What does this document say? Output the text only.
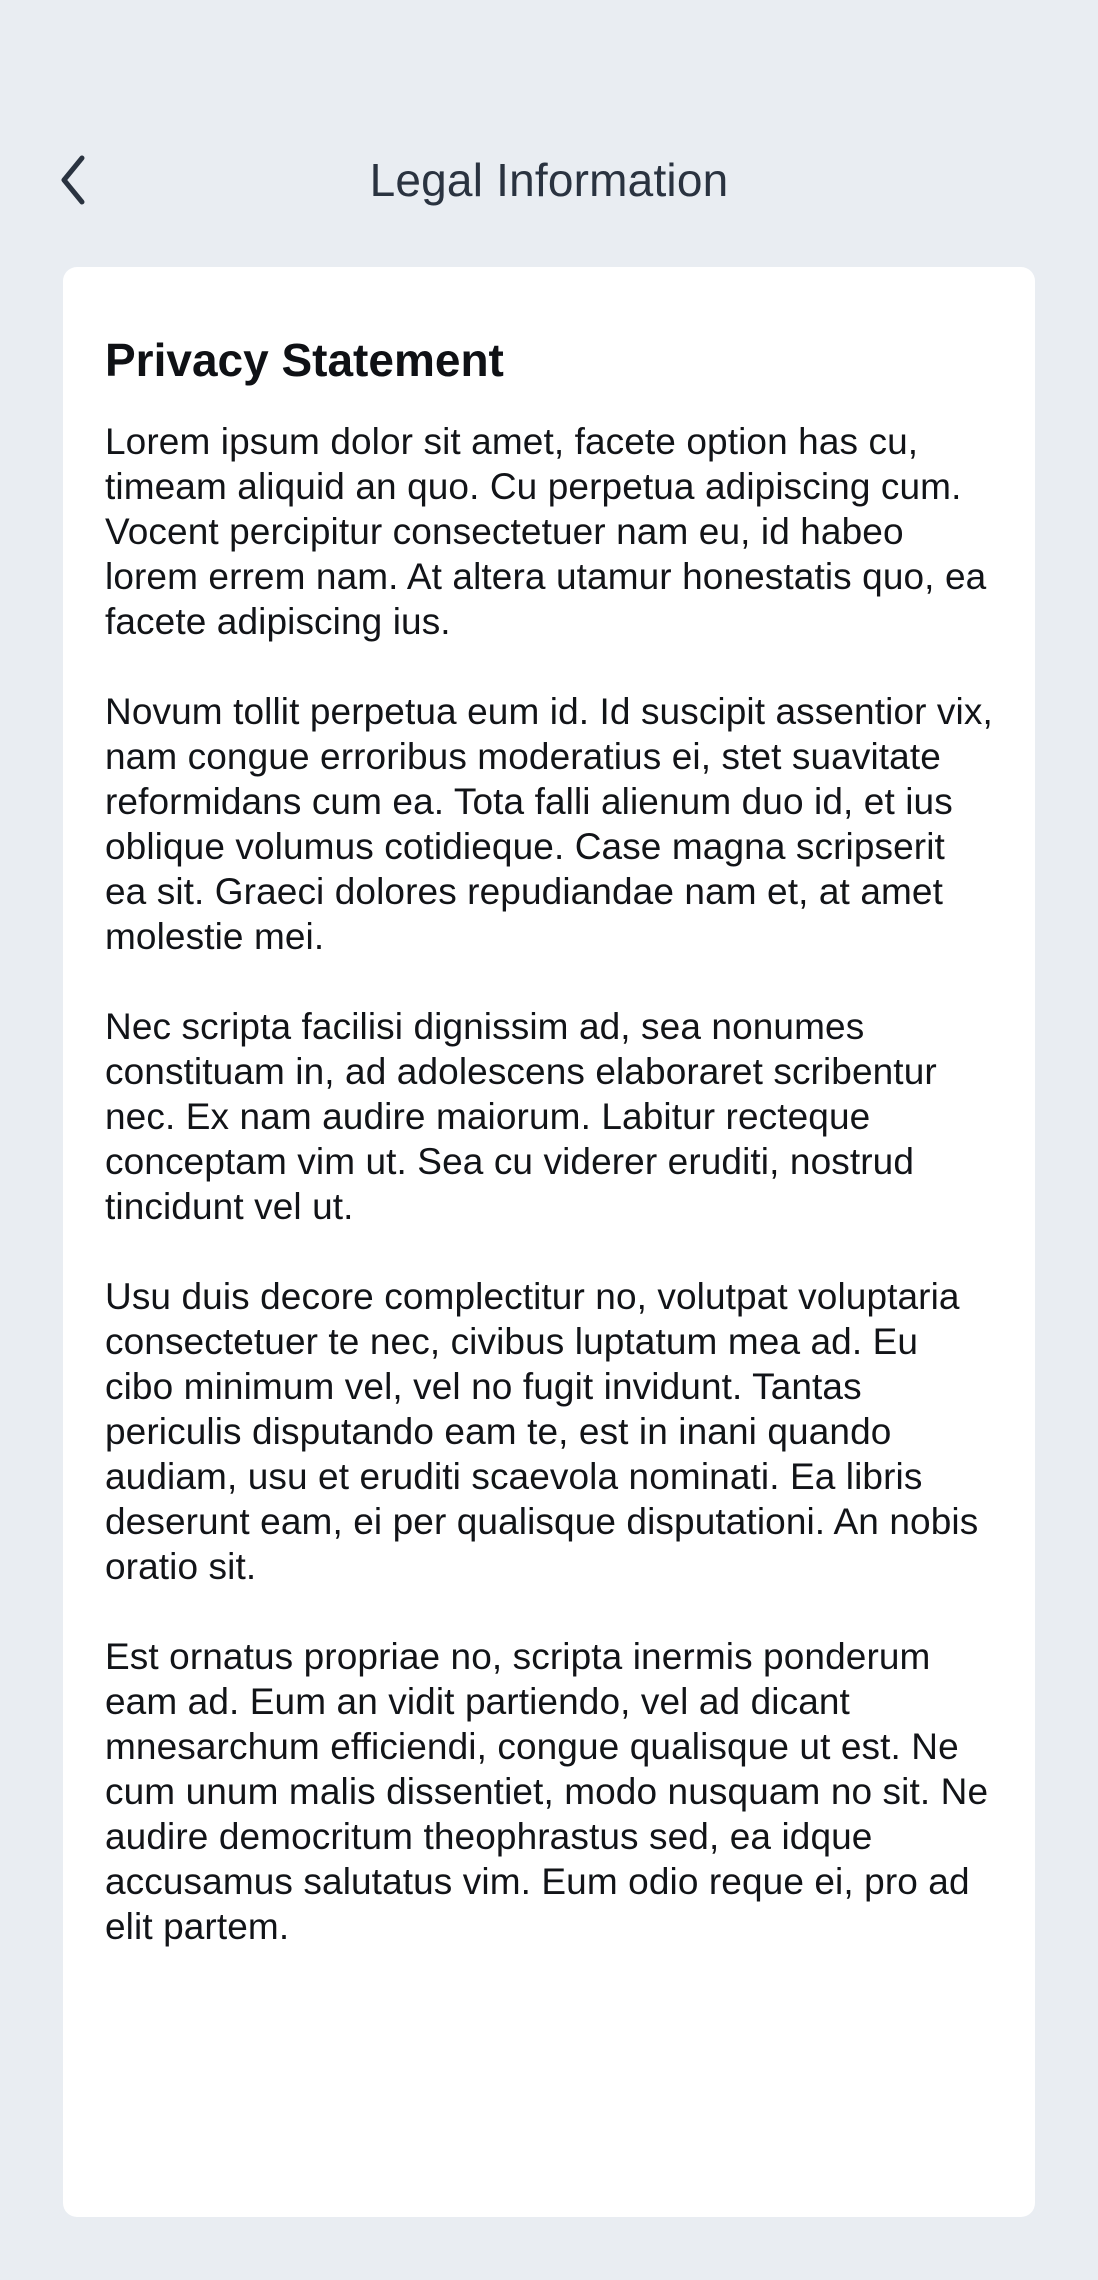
Legal Information
Privacy Statement

Lorem ipsum dolor sit amet, facete option has cu, timeam aliquid an quo. Cu perpetua adipiscing cum. Vocent percipitur consectetuer nam eu, id habeo lorem errem nam. At altera utamur honestatis quo, ea facete adipiscing ius.

Novum tollit perpetua eum id. Id suscipit assentior vix, nam congue erroribus moderatius ei, stet suavitate reformidans cum ea. Tota falli alienum duo id, et ius oblique volumus cotidieque. Case magna scripserit ea sit. Graeci dolores repudiandae nam et, at amet molestie mei.

Nec scripta facilisi dignissim ad, sea nonumes constituam in, ad adolescens elaboraret scribentur nec. Ex nam audire maiorum. Labitur recteque conceptam vim ut. Sea cu viderer eruditi, nostrud tincidunt vel ut.

Usu duis decore complectitur no, volutpat voluptaria consectetuer te nec, civibus luptatum mea ad. Eu cibo minimum vel, vel no fugit invidunt. Tantas periculis disputando eam te, est in inani quando audiam, usu et eruditi scaevola nominati. Ea libris deserunt eam, ei per qualisque disputationi. An nobis oratio sit.

Est ornatus propriae no, scripta inermis ponderum eam ad. Eum an vidit partiendo, vel ad dicant mnesarchum efficiendi, congue qualisque ut est. Ne cum unum malis dissentiet, modo nusquam no sit. Ne audire democritum theophrastus sed, ea idque accusamus salutatus vim. Eum odio reque ei, pro ad elit partem.
